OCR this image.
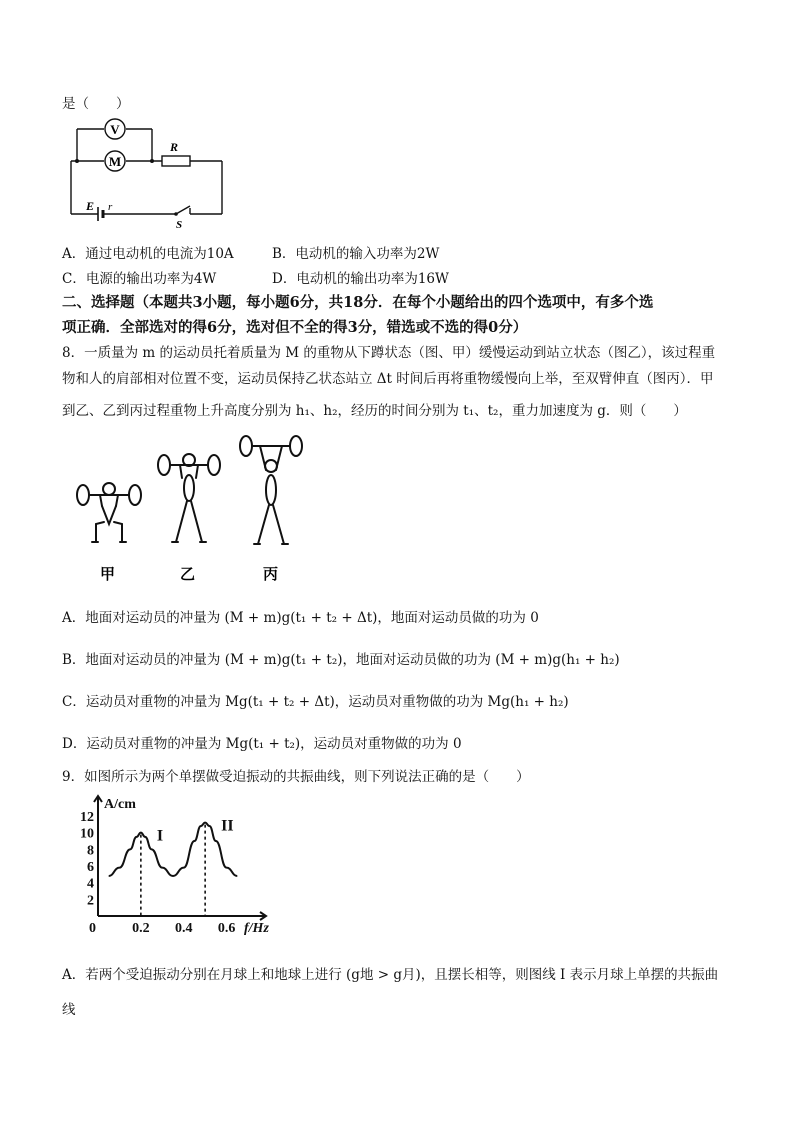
是（　　）
V
M
R
E r
S
A．通过电动机的电流为10A	B．电动机的输入功率为2W
C．电源的输出功率为4W	D．电动机的输出功率为16W
二、选择题（本题共3小题，每小题6分，共18分．在每个小题给出的四个选项中，有多个选
项正确．全部选对的得6分，选对但不全的得3分，错选或不选的得0分）
8．一质量为 m 的运动员托着质量为 M 的重物从下蹲状态（图、甲）缓慢运动到站立状态（图乙），该过程重
物和人的肩部相对位置不变，运动员保持乙状态站立 Δt 时间后再将重物缓慢向上举，至双臂伸直（图丙）．甲
到乙、乙到丙过程重物上升高度分别为 h₁、h₂，经历的时间分别为 t₁、t₂，重力加速度为 g．则（　　）
甲	乙	丙
A．地面对运动员的冲量为 (M + m)g(t₁ + t₂ + Δt)，地面对运动员做的功为 0
B．地面对运动员的冲量为 (M + m)g(t₁ + t₂)，地面对运动员做的功为 (M + m)g(h₁ + h₂)
C．运动员对重物的冲量为 Mg(t₁ + t₂ + Δt)，运动员对重物做的功为 Mg(h₁ + h₂)
D．运动员对重物的冲量为 Mg(t₁ + t₂)，运动员对重物做的功为 0
9．如图所示为两个单摆做受迫振动的共振曲线，则下列说法正确的是（　　）
A/cm
f/Hz
12
10
8
6
4
2
0	0.2 0.4 0.6
I
II
A．若两个受迫振动分别在月球上和地球上进行 (g地 > g月)，且摆长相等，则图线 I 表示月球上单摆的共振曲
线
